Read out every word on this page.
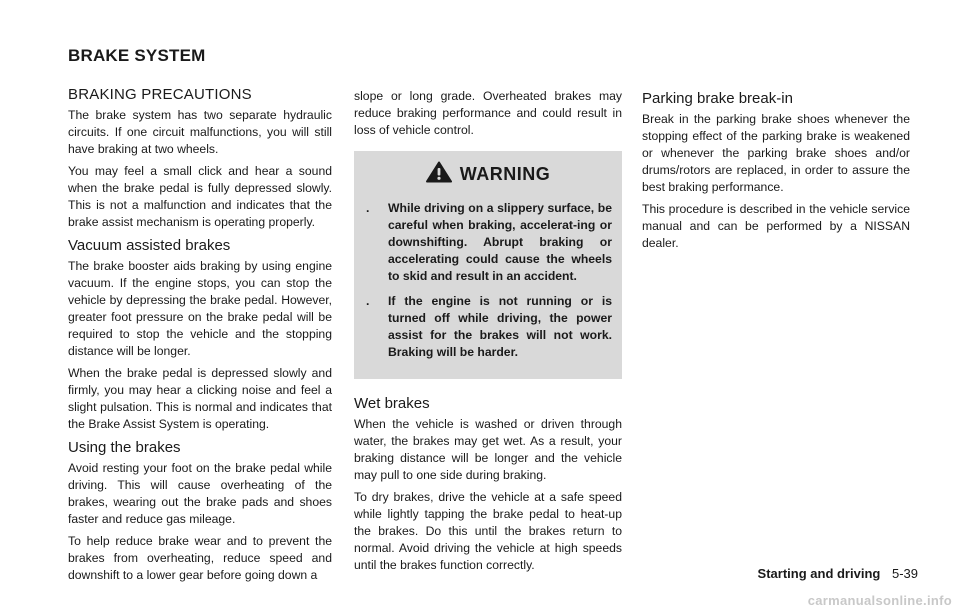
BRAKE SYSTEM
BRAKING PRECAUTIONS

The brake system has two separate hydraulic circuits. If one circuit malfunctions, you will still have braking at two wheels.

You may feel a small click and hear a sound when the brake pedal is fully depressed slowly. This is not a malfunction and indicates that the brake assist mechanism is operating properly.

Vacuum assisted brakes

The brake booster aids braking by using engine vacuum. If the engine stops, you can stop the vehicle by depressing the brake pedal. However, greater foot pressure on the brake pedal will be required to stop the vehicle and the stopping distance will be longer.

When the brake pedal is depressed slowly and firmly, you may hear a clicking noise and feel a slight pulsation. This is normal and indicates that the Brake Assist System is operating.

Using the brakes

Avoid resting your foot on the brake pedal while driving. This will cause overheating of the brakes, wearing out the brake pads and shoes faster and reduce gas mileage.

To help reduce brake wear and to prevent the brakes from overheating, reduce speed and downshift to a lower gear before going down a

slope or long grade. Overheated brakes may reduce braking performance and could result in loss of vehicle control.

WARNING
.	While driving on a slippery surface, be careful when braking, accelerat-ing or downshifting. Abrupt braking or accelerating could cause the wheels to skid and result in an accident.
.	If the engine is not running or is turned off while driving, the power assist for the brakes will not work. Braking will be harder.
Wet brakes

When the vehicle is washed or driven through water, the brakes may get wet. As a result, your braking distance will be longer and the vehicle may pull to one side during braking.

To dry brakes, drive the vehicle at a safe speed while lightly tapping the brake pedal to heat-up the brakes. Do this until the brakes return to normal. Avoid driving the vehicle at high speeds until the brakes function correctly.

Parking brake break-in

Break in the parking brake shoes whenever the stopping effect of the parking brake is weakened or whenever the parking brake shoes and/or drums/rotors are replaced, in order to assure the best braking performance.

This procedure is described in the vehicle service manual and can be performed by a NISSAN dealer.

Starting and driving 5-39
carmanualsonline.info
